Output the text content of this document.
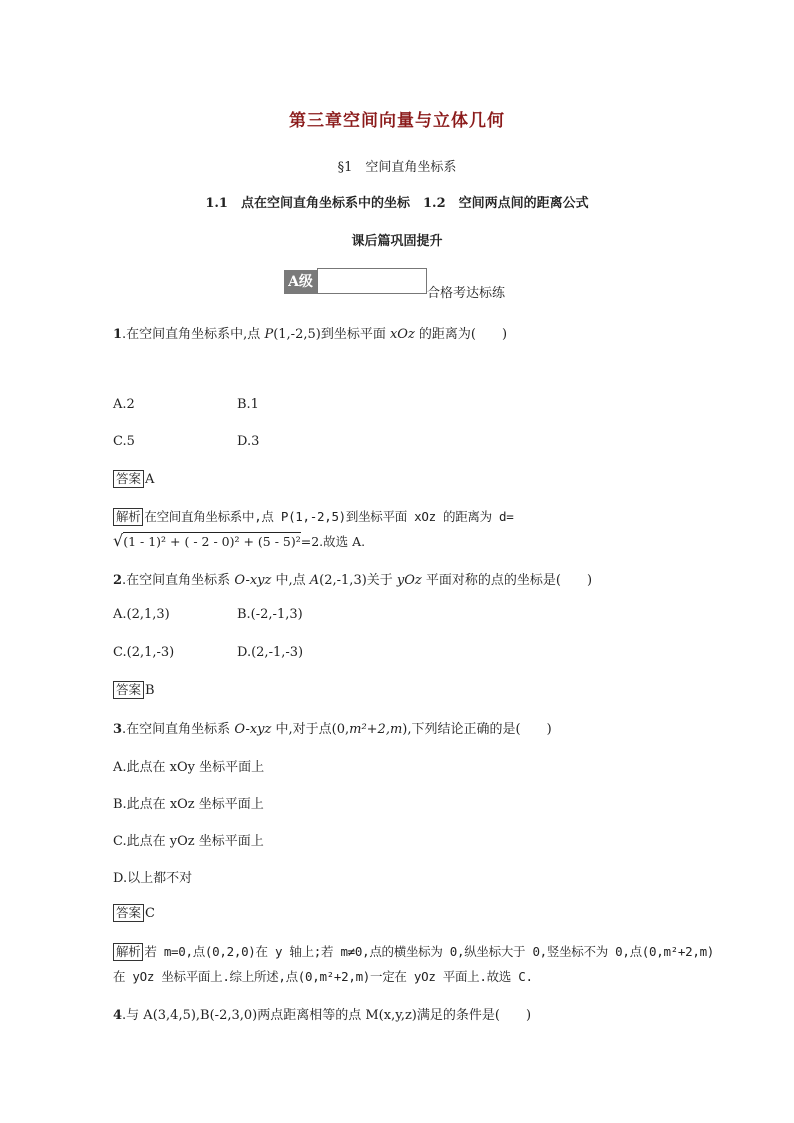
第三章空间向量与立体几何
§1　空间直角坐标系
1.1　点在空间直角坐标系中的坐标　 1.2　空间两点间的距离公式
课后篇巩固提升
A级
合格考达标练
1.在空间直角坐标系中,点 P(1,-2,5)到坐标平面 xOz 的距离为(　　)
A.2	B.1
C.5	D.3
答案 A
解析 在空间直角坐标系中,点 P(1,-2,5)到坐标平面 xOz 的距离为 d=
√(1 - 1)² + ( - 2 - 0)² + (5 - 5)²=2.故选 A.
2.在空间直角坐标系 O-xyz 中,点 A(2,-1,3)关于 yOz 平面对称的点的坐标是(　　)
A.(2,1,3)	B.(-2,-1,3)
C.(2,1,-3)	D.(2,-1,-3)
答案 B
3.在空间直角坐标系 O-xyz 中,对于点(0,m²+2,m),下列结论正确的是(　　)
A.此点在 xOy 坐标平面上
B.此点在 xOz 坐标平面上
C.此点在 yOz 坐标平面上
D.以上都不对
答案 C
解析 若 m=0,点(0,2,0)在 y 轴上;若 m≠0,点的横坐标为 0,纵坐标大于 0,竖坐标不为 0,点(0,m²+2,m)
在 yOz 坐标平面上.综上所述,点(0,m²+2,m)一定在 yOz 平面上.故选 C.
4.与 A(3,4,5),B(-2,3,0)两点距离相等的点 M(x,y,z)满足的条件是(　　)
